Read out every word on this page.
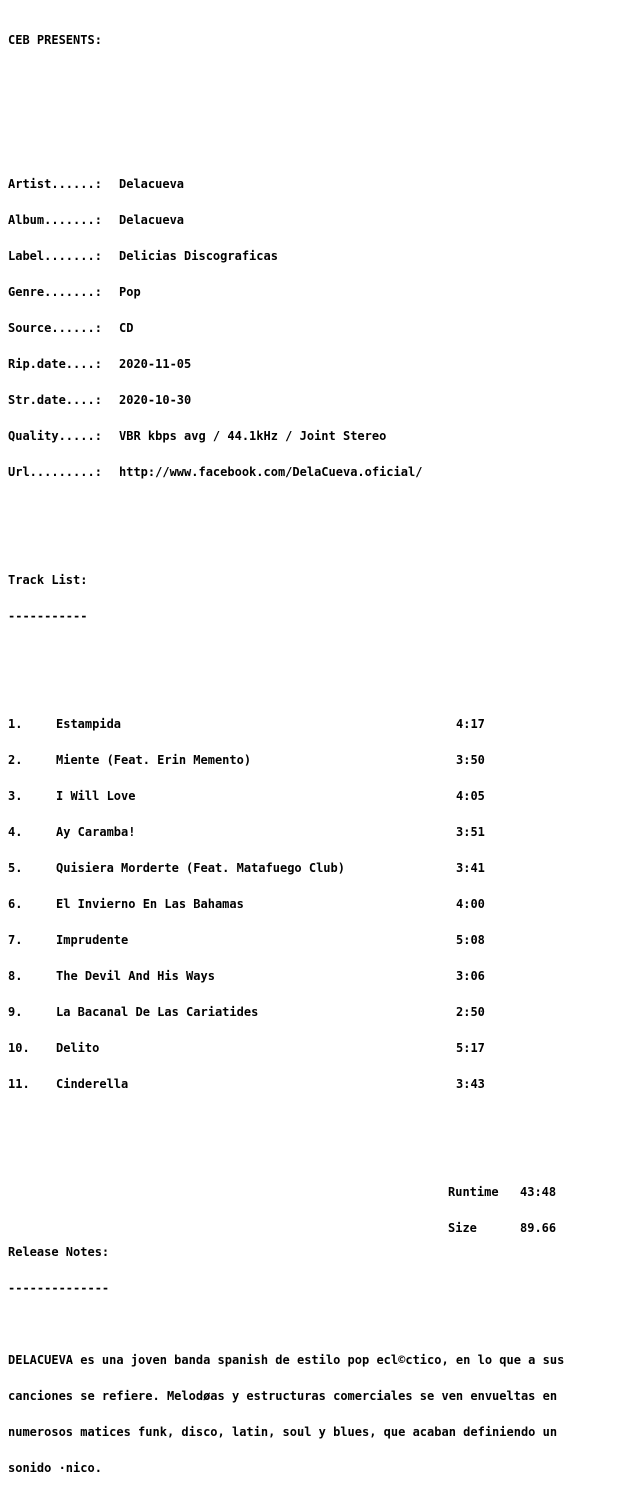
CEB PRESENTS:

Artist......:	Delacueva

Album.......:	Delacueva

Label.......:	Delicias Discograficas

Genre.......:	Pop

Source......:	CD

Rip.date....:	2020-11-05

Str.date....:	2020-10-30

Quality.....:	VBR kbps avg / 44.1kHz / Joint Stereo

Url.........:	http://www.facebook.com/DelaCueva.oficial/

Track List:

-----------

1.	Estampida	4:17

2.	Miente (Feat. Erin Memento)	3:50

3.	I Will Love	4:05

4.	Ay Caramba!	3:51

5.	Quisiera Morderte (Feat. Matafuego Club)	3:41

6.	El Invierno En Las Bahamas	4:00

7.	Imprudente	5:08

8.	The Devil And His Ways	3:06

9.	La Bacanal De Las Cariatides	2:50

10.	Delito	5:17

11.	Cinderella	3:43

Runtime	43:48

Size	89.66

Release Notes:

--------------

DELACUEVA es una joven banda spanish de estilo pop ecl©ctico, en lo que a sus

canciones se refiere. Melodøas y estructuras comerciales se ven envueltas en

numerosos matices funk, disco, latin, soul y blues, que acaban definiendo un

sonido ·nico.
